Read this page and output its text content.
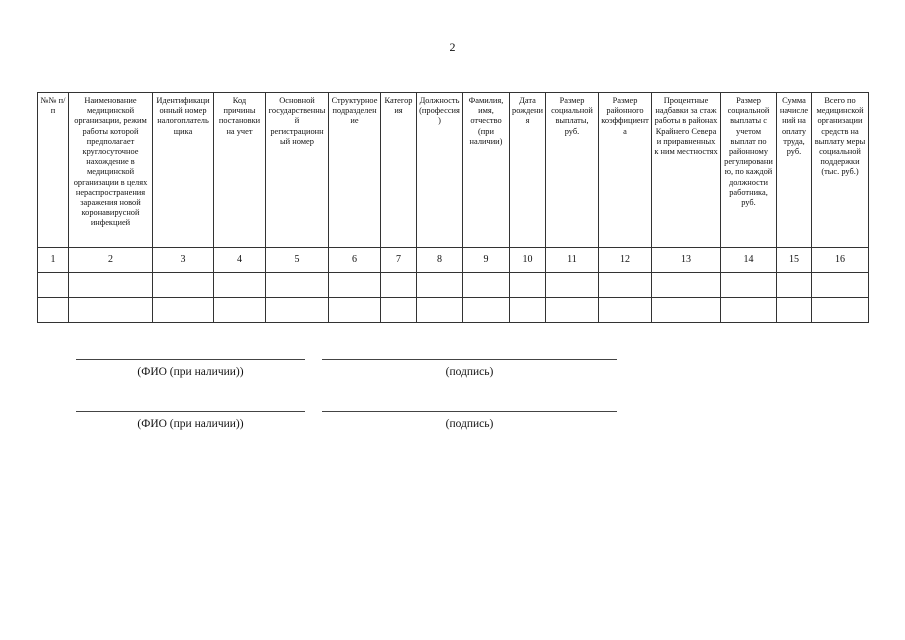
2
№№ п/п	Наименование медицинской организации, режим работы которой предполагает круглосуточное нахождение в медицинской организации в целях нераспространения заражения новой коронавирусной инфекцией	Идентификационный номер налогоплательщика	Код причины постановки на учет	Основной государственный регистрационный номер	Структурное подразделение	Категория	Должность (профессия)	Фамилия, имя, отчество (при наличии)	Дата рождения	Размер социальной выплаты, руб.	Размер районного коэффициента	Процентные надбавки за стаж работы в районах Крайнего Севера и приравненных к ним местностях	Размер социальной выплаты с учетом выплат по районному регулированию, по каждой должности работника, руб.	Сумма начислений на оплату труда, руб.	Всего по медицинской организации средств на выплату меры социальной поддержки (тыс. руб.)
1	2	3	4	5	6	7	8	9	10	11	12	13	14	15	16

(ФИО (при наличии))	(подпись)
(ФИО (при наличии))	(подпись)
